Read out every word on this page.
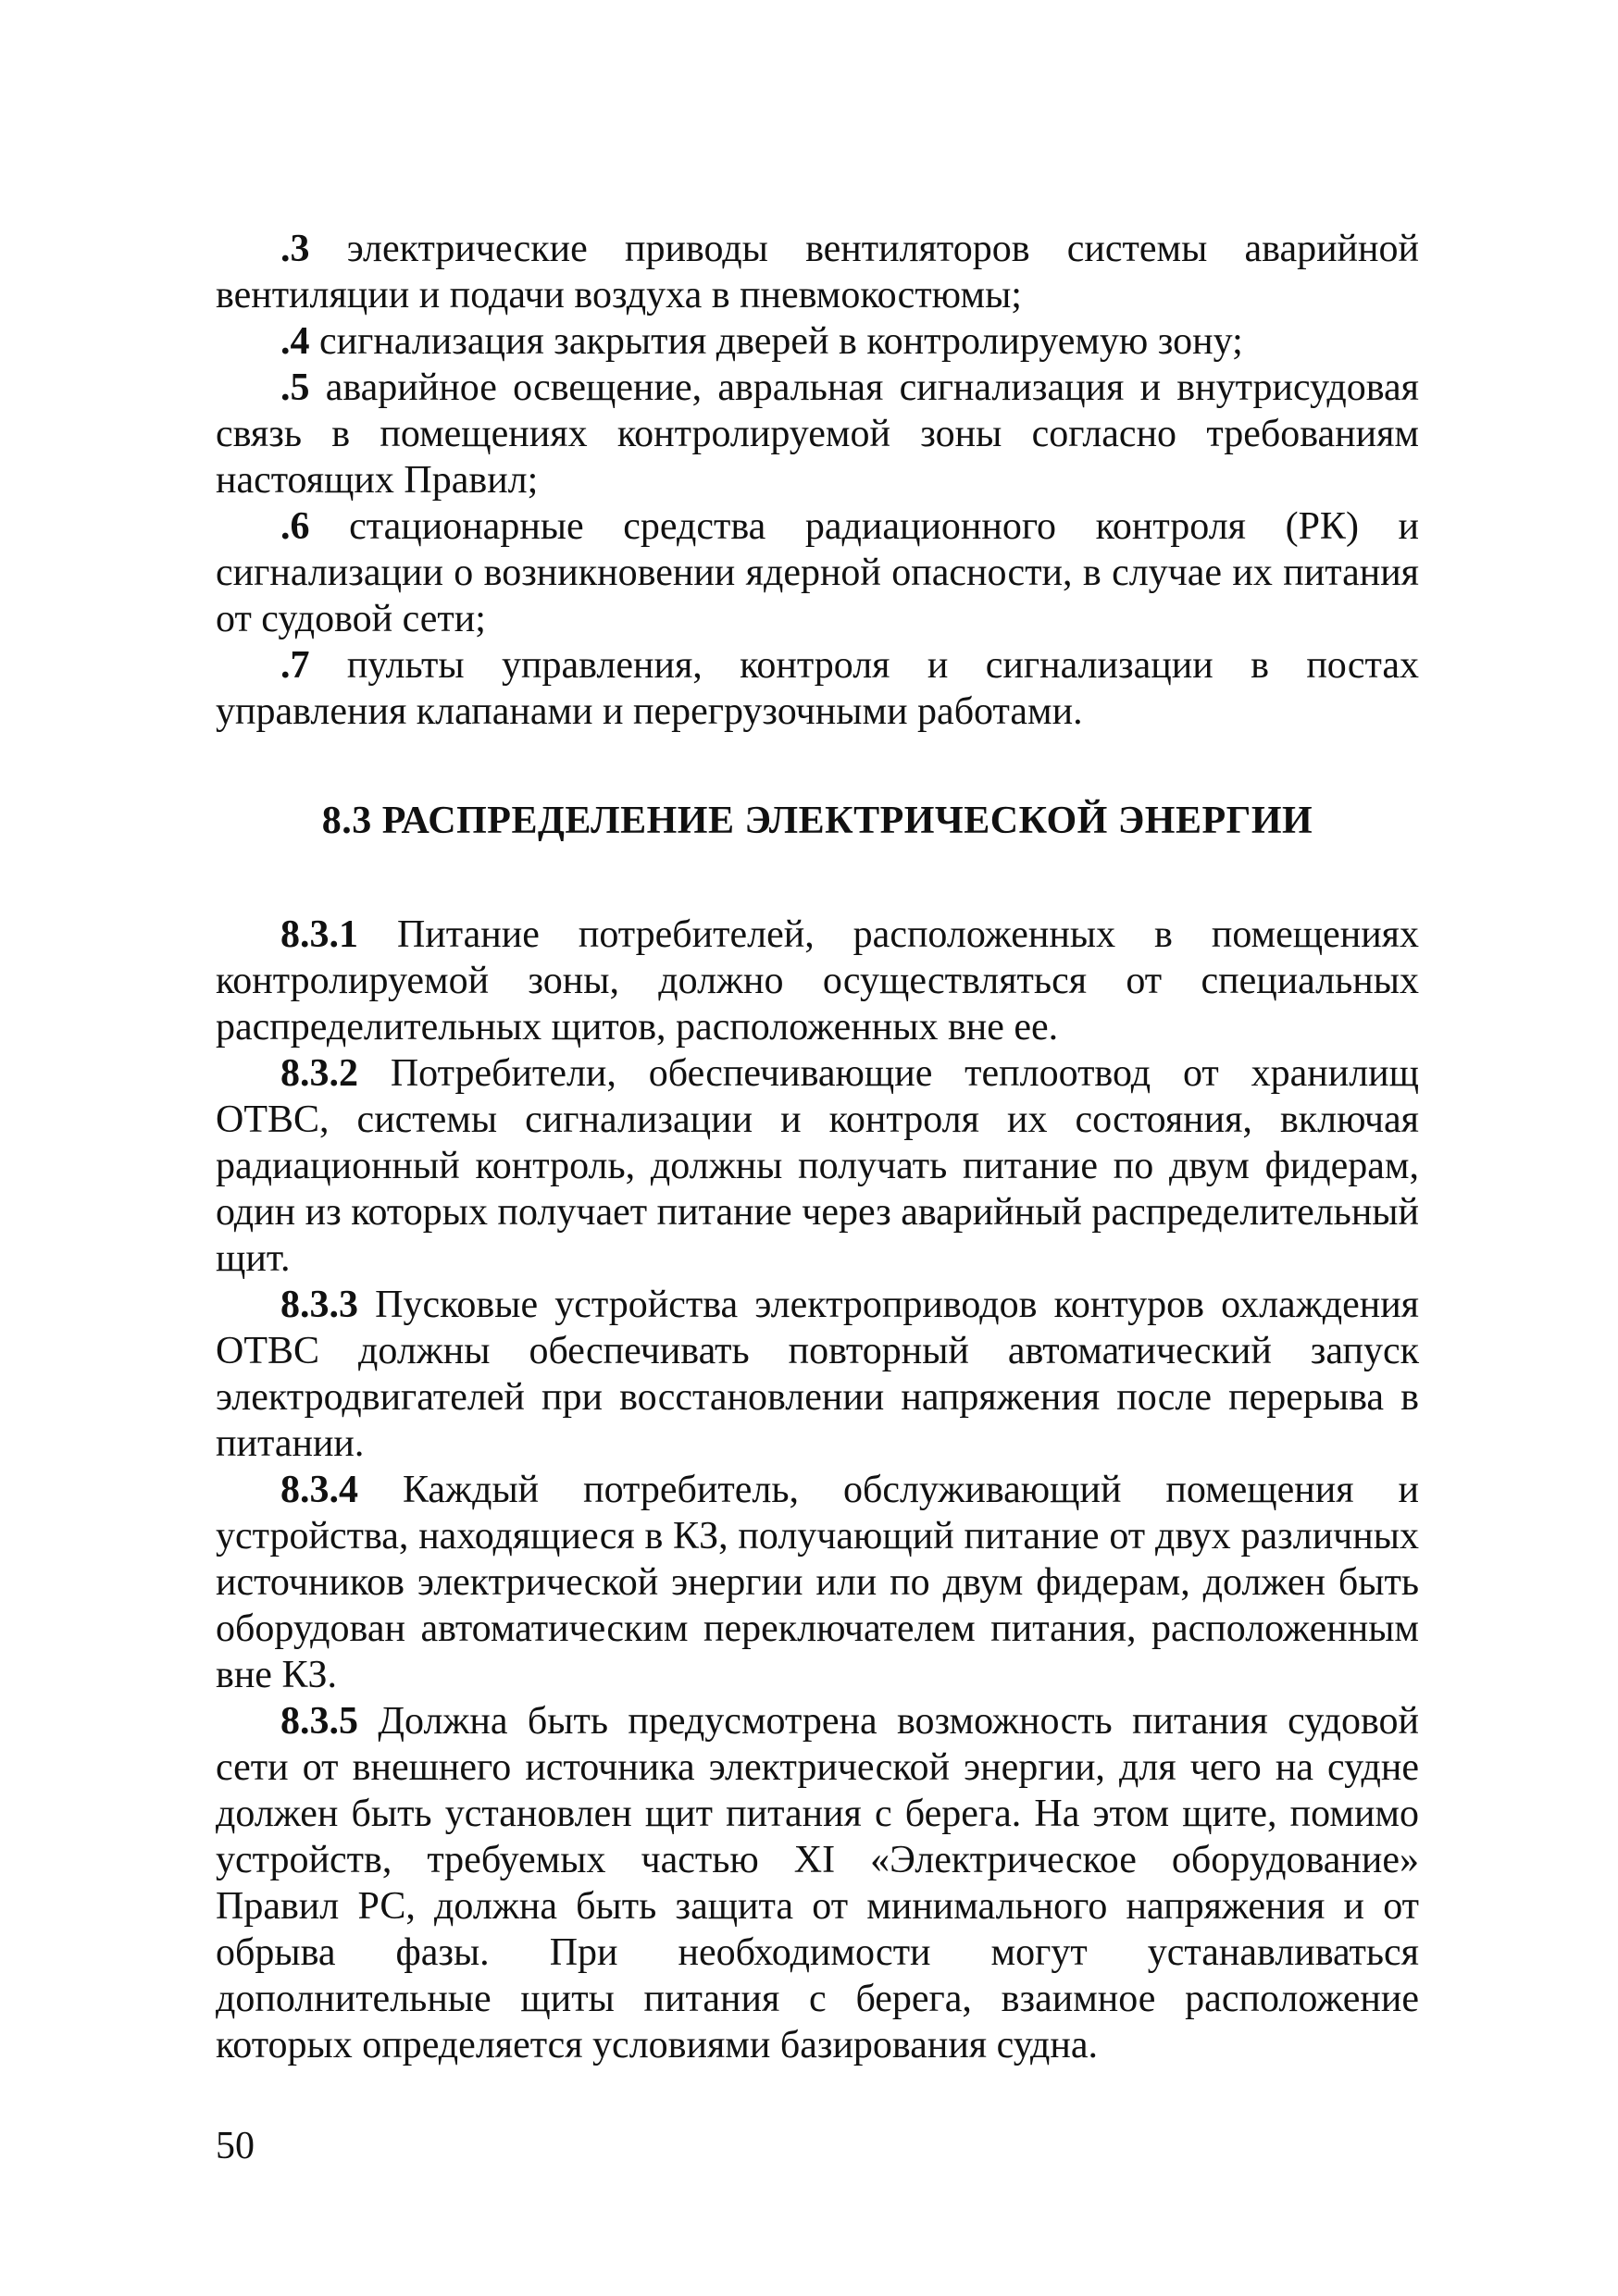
.3 электрические приводы вентиляторов системы аварийной вентиляции и подачи воздуха в пневмокостюмы;

.4 сигнализация закрытия дверей в контролируемую зону;

.5 аварийное освещение, авральная сигнализация и внутрисудовая связь в помещениях контролируемой зоны согласно требованиям настоящих Правил;

.6 стационарные средства радиационного контроля (РК) и сигнализации о возникновении ядерной опасности, в случае их питания от судовой сети;

.7 пульты управления, контроля и сигнализации в постах управления клапанами и перегрузочными работами.

8.3 РАСПРЕДЕЛЕНИЕ ЭЛЕКТРИЧЕСКОЙ ЭНЕРГИИ

8.3.1 Питание потребителей, расположенных в помещениях контролируемой зоны, должно осуществляться от специальных распределительных щитов, расположенных вне ее.

8.3.2 Потребители, обеспечивающие теплоотвод от хранилищ ОТВС, системы сигнализации и контроля их состояния, включая радиационный контроль, должны получать питание по двум фидерам, один из которых получает питание через аварийный распределительный щит.

8.3.3 Пусковые устройства электроприводов контуров охлаждения ОТВС должны обеспечивать повторный автоматический запуск электродвигателей при восстановлении напряжения после перерыва в питании.

8.3.4 Каждый потребитель, обслуживающий помещения и устройства, находящиеся в КЗ, получающий питание от двух различных источников электрической энергии или по двум фидерам, должен быть оборудован автоматическим переключателем питания, расположенным вне КЗ.

8.3.5 Должна быть предусмотрена возможность питания судовой сети от внешнего источника электрической энергии, для чего на судне должен быть установлен щит питания с берега. На этом щите, помимо устройств, требуемых частью XI «Электрическое оборудование» Правил РС, должна быть защита от минимального напряжения и от обрыва фазы. При необходимости могут устанавливаться дополнительные щиты питания с берега, взаимное расположение которых определяется условиями базирования судна.

50
